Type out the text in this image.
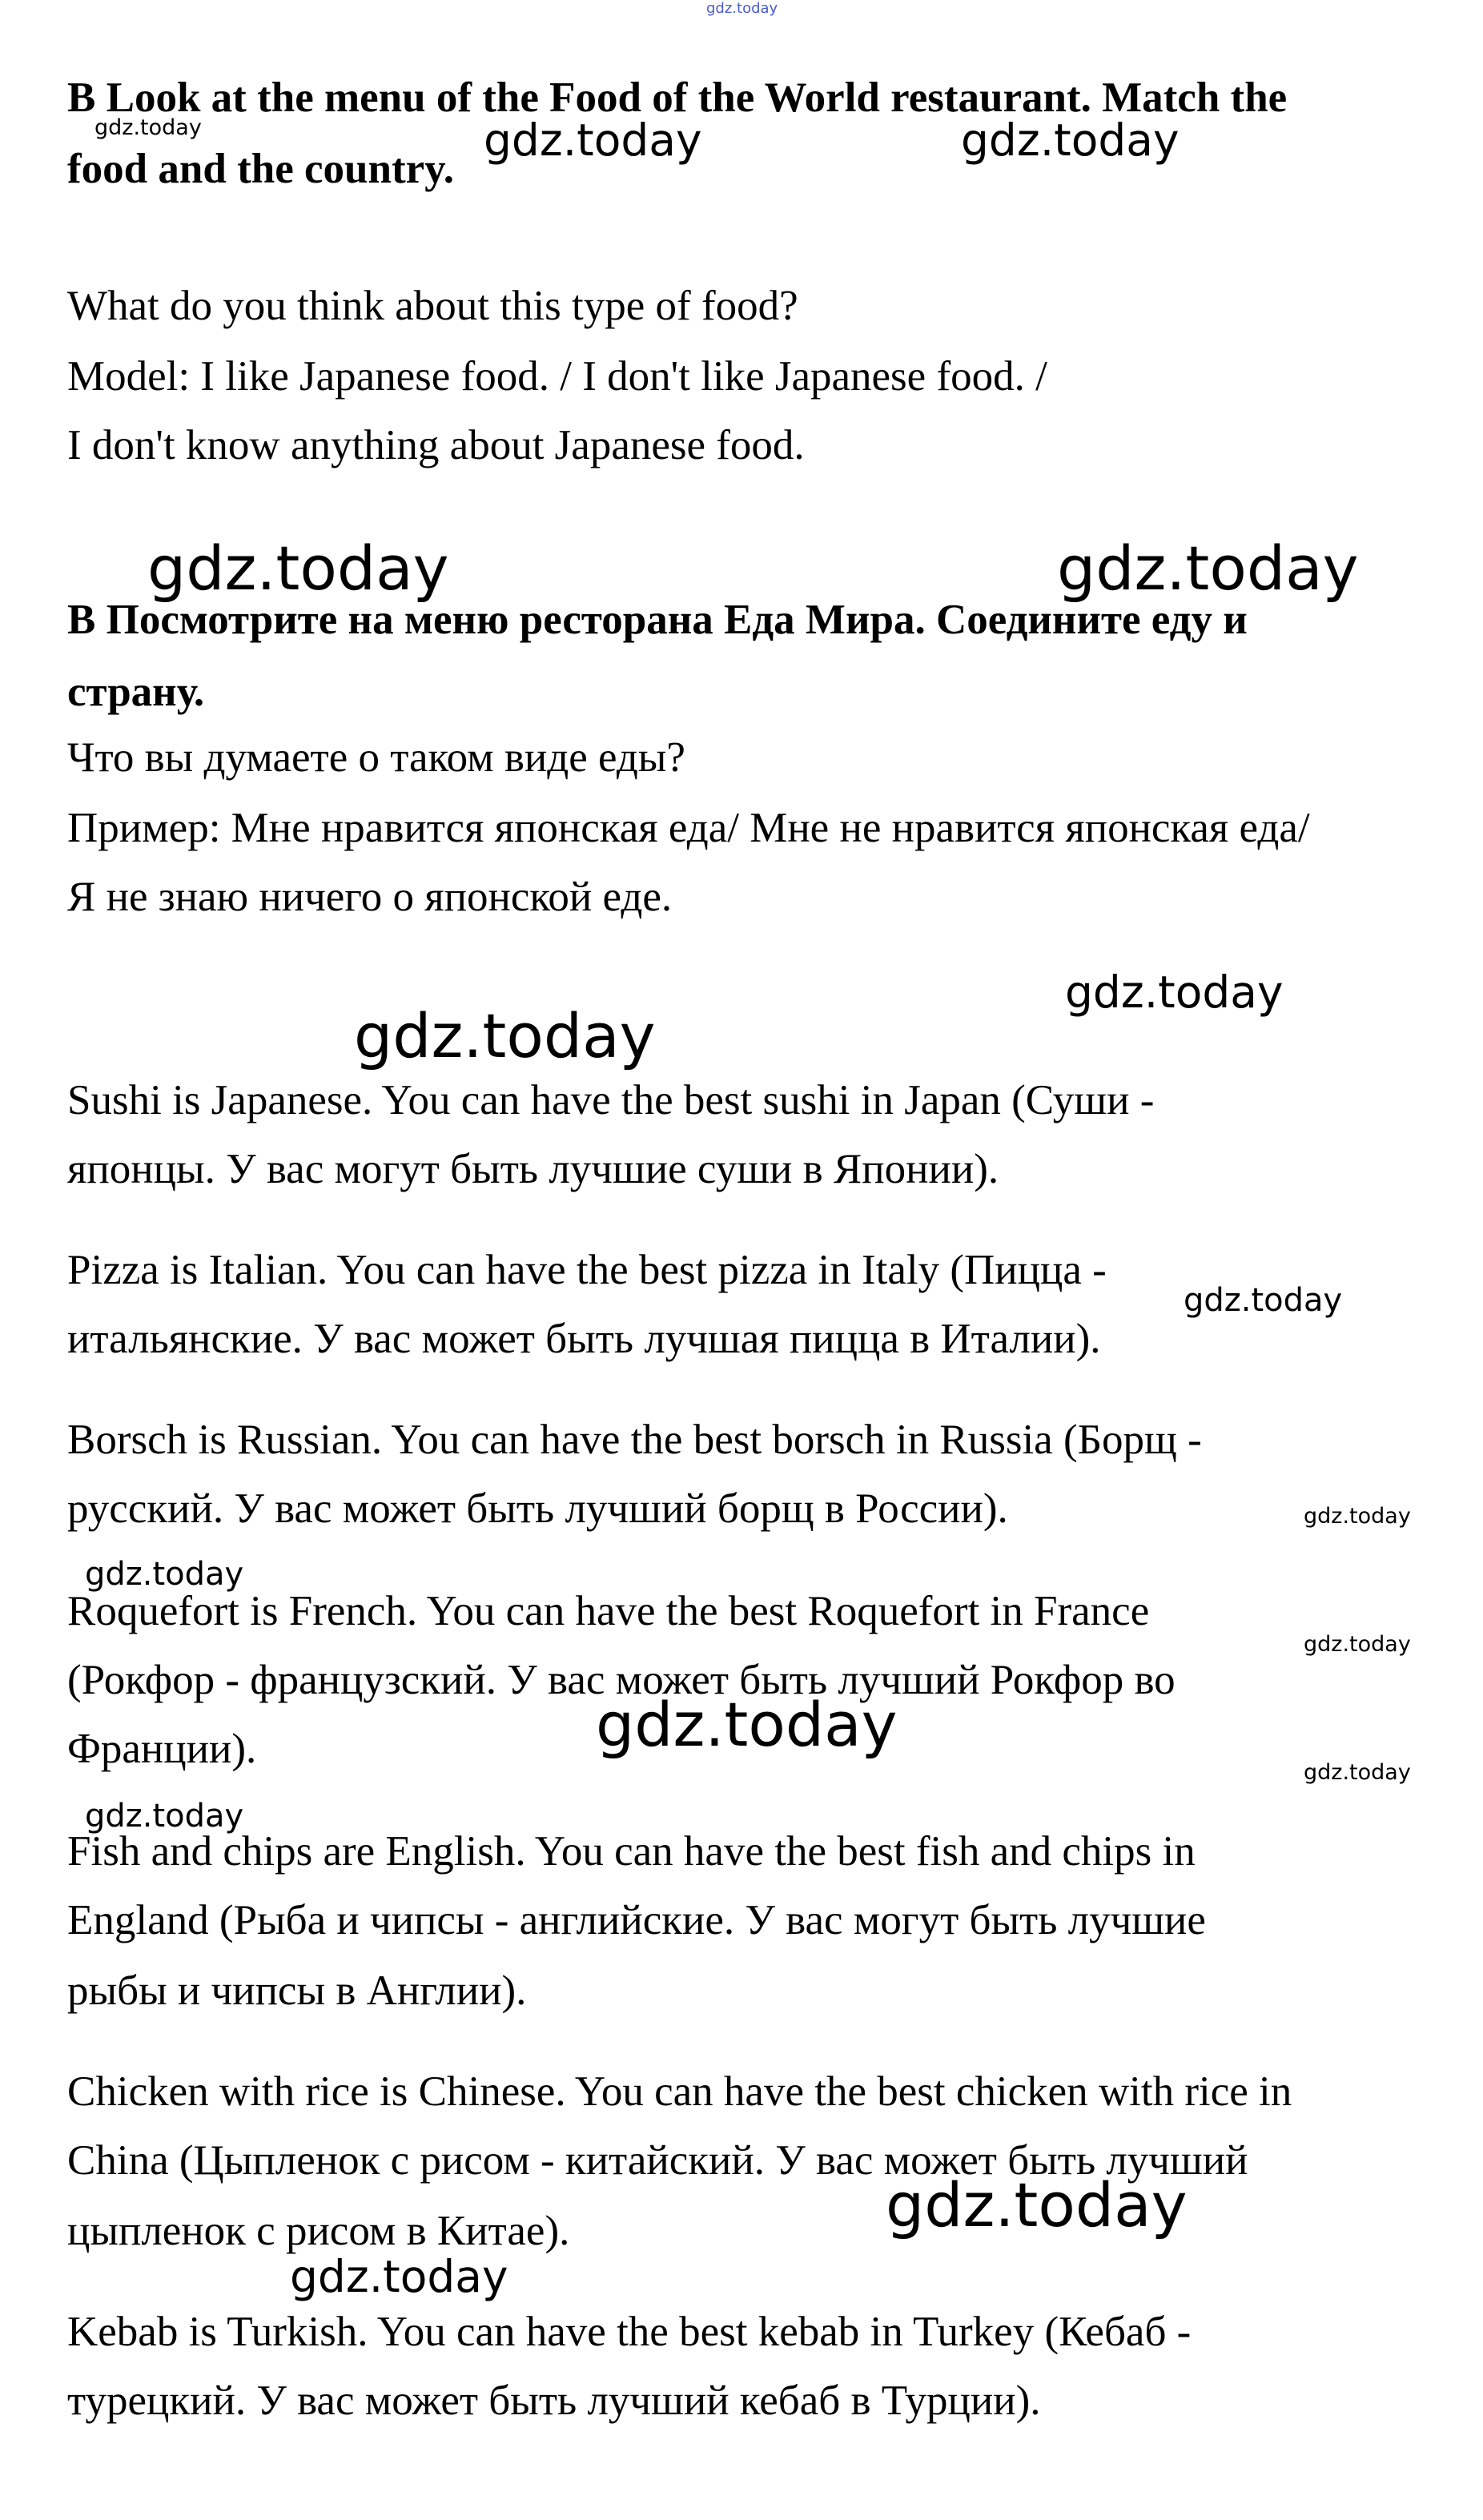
gdz.today
B Look at the menu of the Food of the World restaurant. Match the
food and the country.
What do you think about this type of food?
Model: I like Japanese food. / I don't like Japanese food. /
I don't know anything about Japanese food.
В Посмотрите на меню ресторана Еда Мира. Соедините еду и
страну.
Что вы думаете о таком виде еды?
Пример: Мне нравится японская еда/ Мне не нравится японская еда/
Я не знаю ничего о японской еде.
Sushi is Japanese. You can have the best sushi in Japan (Суши -
японцы. У вас могут быть лучшие суши в Японии).
Pizza is Italian. You can have the best pizza in Italy (Пицца -
итальянские. У вас может быть лучшая пицца в Италии).
Borsch is Russian. You can have the best borsch in Russia (Борщ -
русский. У вас может быть лучший борщ в России).
Roquefort is French. You can have the best Roquefort in France
(Рокфор - французский. У вас может быть лучший Рокфор во
Франции).
Fish and chips are English. You can have the best fish and chips in
England (Рыба и чипсы - английские. У вас могут быть лучшие
рыбы и чипсы в Англии).
Chicken with rice is Chinese. You can have the best chicken with rice in
China (Цыпленок с рисом - китайский. У вас может быть лучший
цыпленок с рисом в Китае).
Kebab is Turkish. You can have the best kebab in Turkey (Кебаб -
турецкий. У вас может быть лучший кебаб в Турции).
gdz.today	gdz.today	gdz.today
gdz.today	gdz.today
gdz.today
gdz.today
gdz.today
gdz.today
gdz.today
gdz.today
gdz.today
gdz.today
gdz.today
gdz.today
gdz.today
